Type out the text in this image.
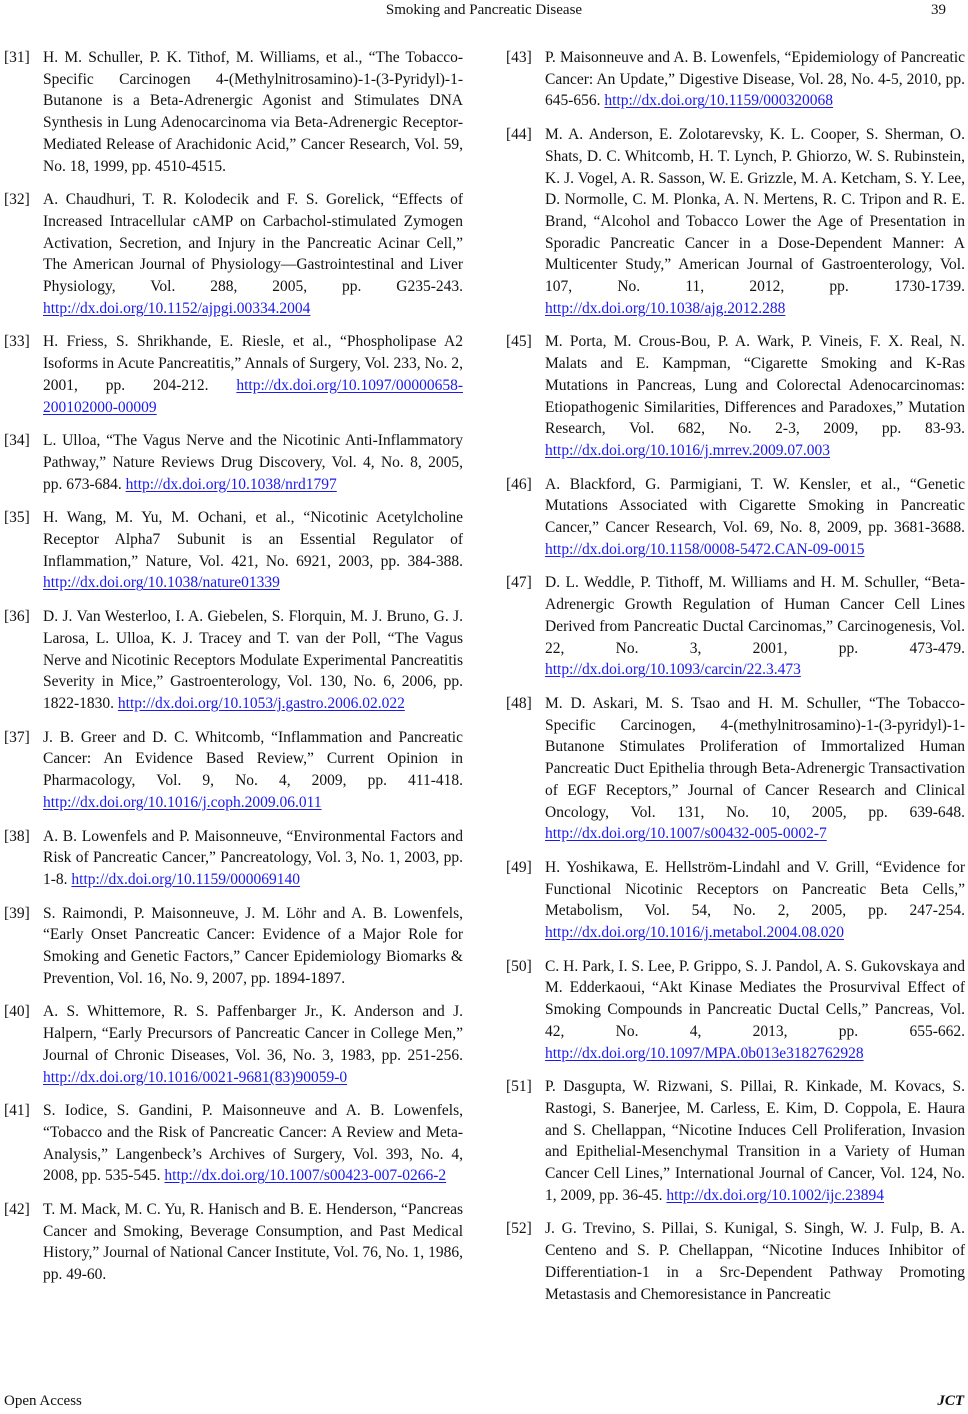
Smoking and Pancreatic Disease	39
[31] H. M. Schuller, P. K. Tithof, M. Williams, et al., “The Tobacco-Specific Carcinogen 4-(Methylnitrosamino)-1-(3-Pyridyl)-1-Butanone is a Beta-Adrenergic Agonist and Stimulates DNA Synthesis in Lung Adenocarcinoma via Beta-Adrenergic Receptor-Mediated Release of Arachidonic Acid,” Cancer Research, Vol. 59, No. 18, 1999, pp. 4510-4515.
[32] A. Chaudhuri, T. R. Kolodecik and F. S. Gorelick, “Effects of Increased Intracellular cAMP on Carbachol-stimulated Zymogen Activation, Secretion, and Injury in the Pancreatic Acinar Cell,” The American Journal of Physiology—Gastrointestinal and Liver Physiology, Vol. 288, 2005, pp. G235-243. http://dx.doi.org/10.1152/ajpgi.00334.2004
[33] H. Friess, S. Shrikhande, E. Riesle, et al., “Phospholipase A2 Isoforms in Acute Pancreatitis,” Annals of Surgery, Vol. 233, No. 2, 2001, pp. 204-212. http://dx.doi.org/10.1097/00000658-200102000-00009
[34] L. Ulloa, “The Vagus Nerve and the Nicotinic Anti-Inflammatory Pathway,” Nature Reviews Drug Discovery, Vol. 4, No. 8, 2005, pp. 673-684. http://dx.doi.org/10.1038/nrd1797
[35] H. Wang, M. Yu, M. Ochani, et al., “Nicotinic Acetylcholine Receptor Alpha7 Subunit is an Essential Regulator of Inflammation,” Nature, Vol. 421, No. 6921, 2003, pp. 384-388. http://dx.doi.org/10.1038/nature01339
[36] D. J. Van Westerloo, I. A. Giebelen, S. Florquin, M. J. Bruno, G. J. Larosa, L. Ulloa, K. J. Tracey and T. van der Poll, “The Vagus Nerve and Nicotinic Receptors Modulate Experimental Pancreatitis Severity in Mice,” Gastroenterology, Vol. 130, No. 6, 2006, pp. 1822-1830. http://dx.doi.org/10.1053/j.gastro.2006.02.022
[37] J. B. Greer and D. C. Whitcomb, “Inflammation and Pancreatic Cancer: An Evidence Based Review,” Current Opinion in Pharmacology, Vol. 9, No. 4, 2009, pp. 411-418. http://dx.doi.org/10.1016/j.coph.2009.06.011
[38] A. B. Lowenfels and P. Maisonneuve, “Environmental Factors and Risk of Pancreatic Cancer,” Pancreatology, Vol. 3, No. 1, 2003, pp. 1-8. http://dx.doi.org/10.1159/000069140
[39] S. Raimondi, P. Maisonneuve, J. M. Löhr and A. B. Lowenfels, “Early Onset Pancreatic Cancer: Evidence of a Major Role for Smoking and Genetic Factors,” Cancer Epidemiology Biomarks & Prevention, Vol. 16, No. 9, 2007, pp. 1894-1897.
[40] A. S. Whittemore, R. S. Paffenbarger Jr., K. Anderson and J. Halpern, “Early Precursors of Pancreatic Cancer in College Men,” Journal of Chronic Diseases, Vol. 36, No. 3, 1983, pp. 251-256. http://dx.doi.org/10.1016/0021-9681(83)90059-0
[41] S. Iodice, S. Gandini, P. Maisonneuve and A. B. Lowenfels, “Tobacco and the Risk of Pancreatic Cancer: A Review and Meta-Analysis,” Langenbeck’s Archives of Surgery, Vol. 393, No. 4, 2008, pp. 535-545. http://dx.doi.org/10.1007/s00423-007-0266-2
[42] T. M. Mack, M. C. Yu, R. Hanisch and B. E. Henderson, “Pancreas Cancer and Smoking, Beverage Consumption, and Past Medical History,” Journal of National Cancer Institute, Vol. 76, No. 1, 1986, pp. 49-60.
[43] P. Maisonneuve and A. B. Lowenfels, “Epidemiology of Pancreatic Cancer: An Update,” Digestive Disease, Vol. 28, No. 4-5, 2010, pp. 645-656. http://dx.doi.org/10.1159/000320068
[44] M. A. Anderson, E. Zolotarevsky, K. L. Cooper, S. Sherman, O. Shats, D. C. Whitcomb, H. T. Lynch, P. Ghiorzo, W. S. Rubinstein, K. J. Vogel, A. R. Sasson, W. E. Grizzle, M. A. Ketcham, S. Y. Lee, D. Normolle, C. M. Plonka, A. N. Mertens, R. C. Tripon and R. E. Brand, “Alcohol and Tobacco Lower the Age of Presentation in Sporadic Pancreatic Cancer in a Dose-Dependent Manner: A Multicenter Study,” American Journal of Gastroenterology, Vol. 107, No. 11, 2012, pp. 1730-1739. http://dx.doi.org/10.1038/ajg.2012.288
[45] M. Porta, M. Crous-Bou, P. A. Wark, P. Vineis, F. X. Real, N. Malats and E. Kampman, “Cigarette Smoking and K-Ras Mutations in Pancreas, Lung and Colorectal Adenocarcinomas: Etiopathogenic Similarities, Differences and Paradoxes,” Mutation Research, Vol. 682, No. 2-3, 2009, pp. 83-93. http://dx.doi.org/10.1016/j.mrrev.2009.07.003
[46] A. Blackford, G. Parmigiani, T. W. Kensler, et al., “Genetic Mutations Associated with Cigarette Smoking in Pancreatic Cancer,” Cancer Research, Vol. 69, No. 8, 2009, pp. 3681-3688. http://dx.doi.org/10.1158/0008-5472.CAN-09-0015
[47] D. L. Weddle, P. Tithoff, M. Williams and H. M. Schuller, “Beta-Adrenergic Growth Regulation of Human Cancer Cell Lines Derived from Pancreatic Ductal Carcinomas,” Carcinogenesis, Vol. 22, No. 3, 2001, pp. 473-479. http://dx.doi.org/10.1093/carcin/22.3.473
[48] M. D. Askari, M. S. Tsao and H. M. Schuller, “The Tobacco-Specific Carcinogen, 4-(methylnitrosamino)-1-(3-pyridyl)-1-Butanone Stimulates Proliferation of Immortalized Human Pancreatic Duct Epithelia through Beta-Adrenergic Transactivation of EGF Receptors,” Journal of Cancer Research and Clinical Oncology, Vol. 131, No. 10, 2005, pp. 639-648. http://dx.doi.org/10.1007/s00432-005-0002-7
[49] H. Yoshikawa, E. Hellström-Lindahl and V. Grill, “Evidence for Functional Nicotinic Receptors on Pancreatic Beta Cells,” Metabolism, Vol. 54, No. 2, 2005, pp. 247-254. http://dx.doi.org/10.1016/j.metabol.2004.08.020
[50] C. H. Park, I. S. Lee, P. Grippo, S. J. Pandol, A. S. Gukovskaya and M. Edderkaoui, “Akt Kinase Mediates the Prosurvival Effect of Smoking Compounds in Pancreatic Ductal Cells,” Pancreas, Vol. 42, No. 4, 2013, pp. 655-662. http://dx.doi.org/10.1097/MPA.0b013e3182762928
[51] P. Dasgupta, W. Rizwani, S. Pillai, R. Kinkade, M. Kovacs, S. Rastogi, S. Banerjee, M. Carless, E. Kim, D. Coppola, E. Haura and S. Chellappan, “Nicotine Induces Cell Proliferation, Invasion and Epithelial-Mesenchymal Transition in a Variety of Human Cancer Cell Lines,” International Journal of Cancer, Vol. 124, No. 1, 2009, pp. 36-45. http://dx.doi.org/10.1002/ijc.23894
[52] J. G. Trevino, S. Pillai, S. Kunigal, S. Singh, W. J. Fulp, B. A. Centeno and S. P. Chellappan, “Nicotine Induces Inhibitor of Differentiation-1 in a Src-Dependent Pathway Promoting Metastasis and Chemoresistance in Pancreatic
Open Access	JCT
